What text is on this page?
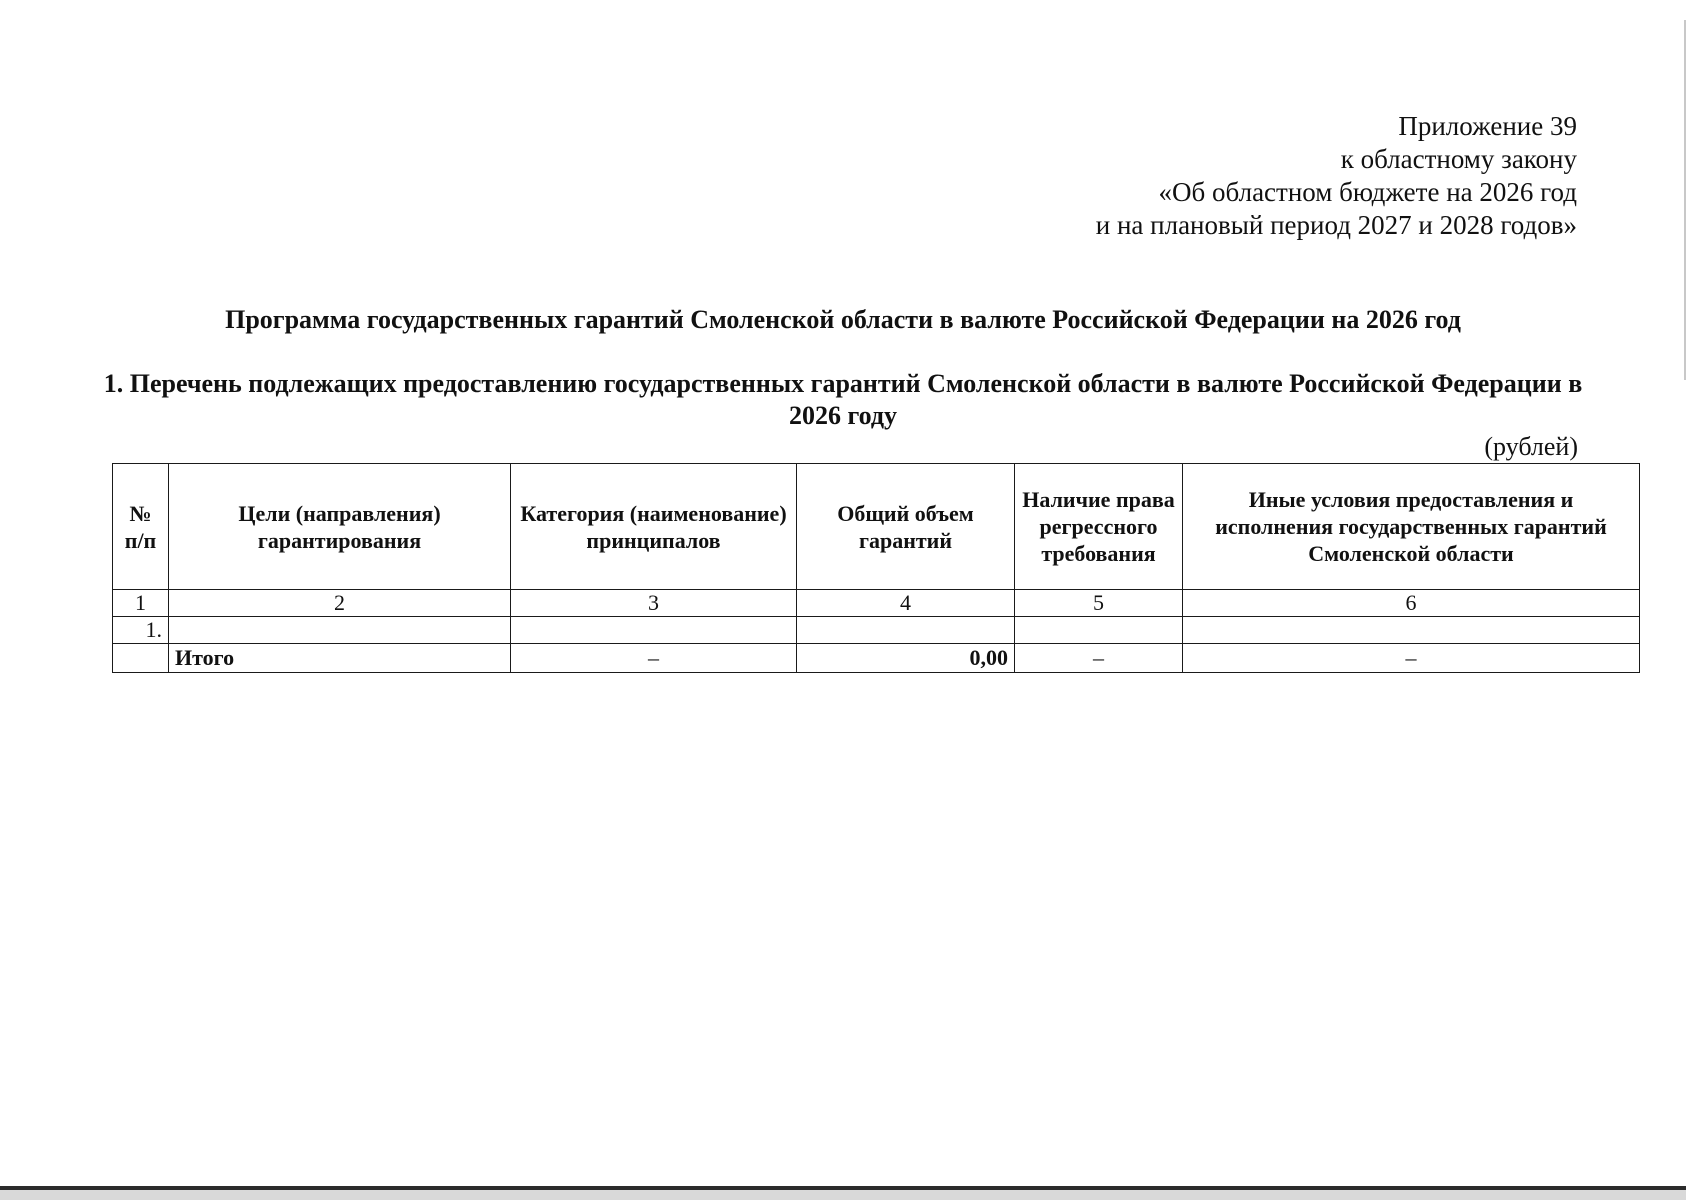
Приложение 39
к областному закону
«Об областном бюджете на 2026 год
и на плановый период 2027 и 2028 годов»
Программа государственных гарантий Смоленской области в валюте Российской Федерации на 2026 год
1. Перечень подлежащих предоставлению государственных гарантий Смоленской области в валюте Российской Федерации в 2026 году
(рублей)
№ п/п	Цели (направления) гарантирования	Категория (наименование) принципалов	Общий объем гарантий	Наличие права регрессного требования	Иные условия предоставления и исполнения государственных гарантий Смоленской области
1	2	3	4	5	6
1.					
	Итого	–	0,00	–	–
